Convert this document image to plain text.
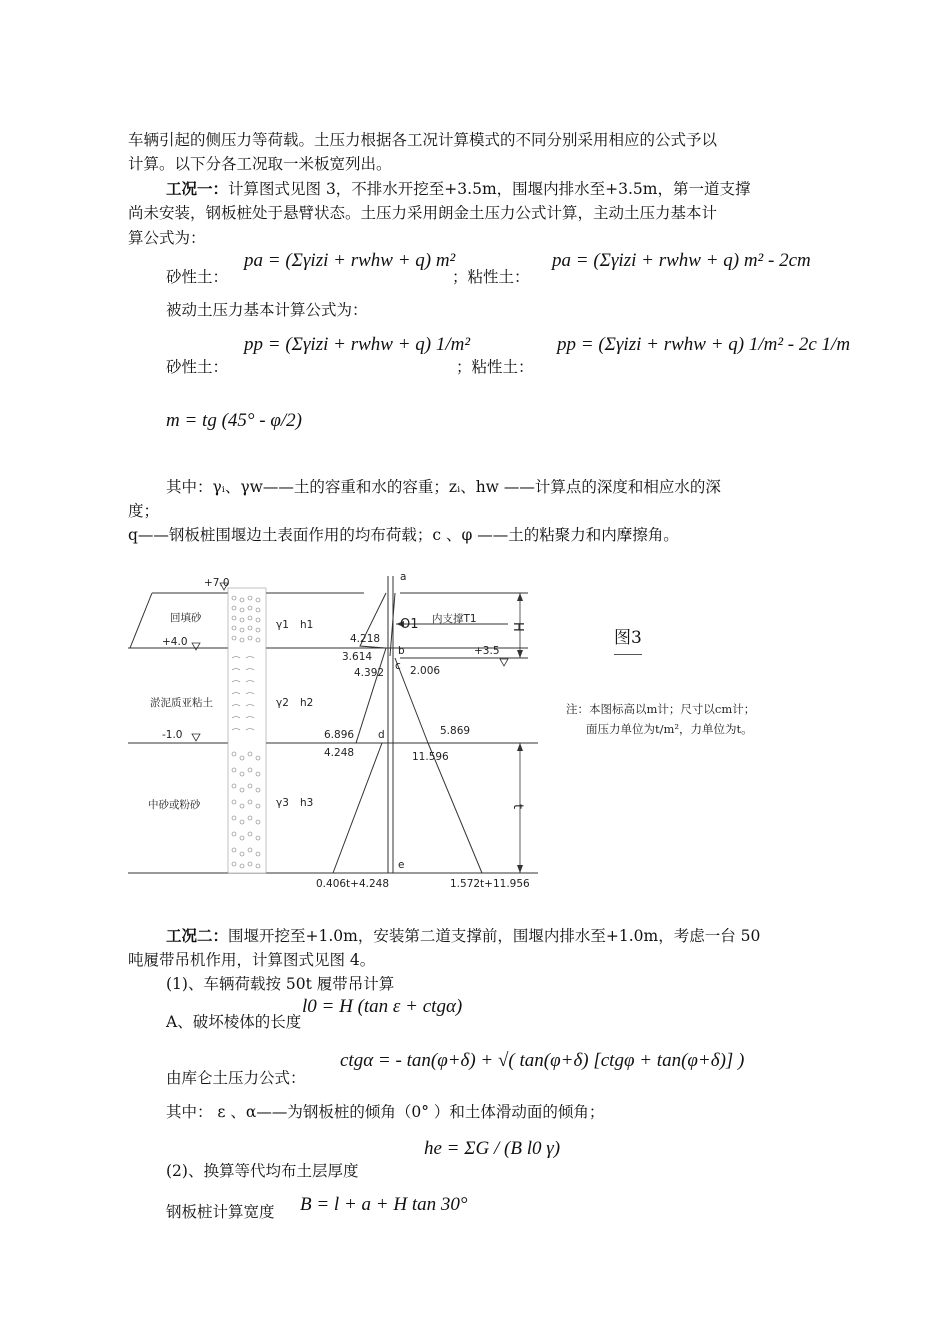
车辆引起的侧压力等荷载。土压力根据各工况计算模式的不同分别采用相应的公式予以
计算。以下分各工况取一米板宽列出。
工况一：计算图式见图 3，不排水开挖至+3.5m，围堰内排水至+3.5m，第一道支撑
尚未安装，钢板桩处于悬臂状态。土压力采用朗金土压力公式计算，主动土压力基本计
算公式为：
砂性土：
pa = (Σγizi + rwhw + q) m²
；粘性土：
pa = (Σγizi + rwhw + q) m² - 2cm
被动土压力基本计算公式为：
砂性土：
pp = (Σγizi + rwhw + q) 1/m²
；粘性土：
pp = (Σγizi + rwhw + q) 1/m² - 2c 1/m
m = tg (45° - φ/2)
其中：γᵢ、γw——土的容重和水的容重；zᵢ、hw ——计算点的深度和相应水的深
度；
q——钢板桩围堰边土表面作用的均布荷载；c 、φ ——土的粘聚力和内摩擦角。
+7.0
+4.0
-1.0
+3.5
回填砂
淤泥质亚粘土
中砂或粉砂
γ1 h1
γ2 h2
γ3 h3
a
b
c
d
e
O1 内支撑T1
H
t
4.218
3.614
4.392 2.006
6.896
4.248
5.869
11.596
0.406t+4.248	1.572t+11.956
图3
注：本图标高以m计；尺寸以cm计；
面压力单位为t/m²，力单位为t。
工况二：围堰开挖至+1.0m，安装第二道支撑前，围堰内排水至+1.0m，考虑一台 50
吨履带吊机作用，计算图式见图 4。
(1)、车辆荷载按 50t 履带吊计算
A、破坏棱体的长度
l0 = H (tan ε + ctgα)
由库仑土压力公式：
ctgα = - tan(φ+δ) + √( tan(φ+δ) [ctgφ + tan(φ+δ)] )
其中： ε 、α——为钢板桩的倾角（0° ）和土体滑动面的倾角；
(2)、换算等代均布土层厚度
he = ΣG / (B l0 γ)
钢板桩计算宽度 B = l + a + H tan 30°
